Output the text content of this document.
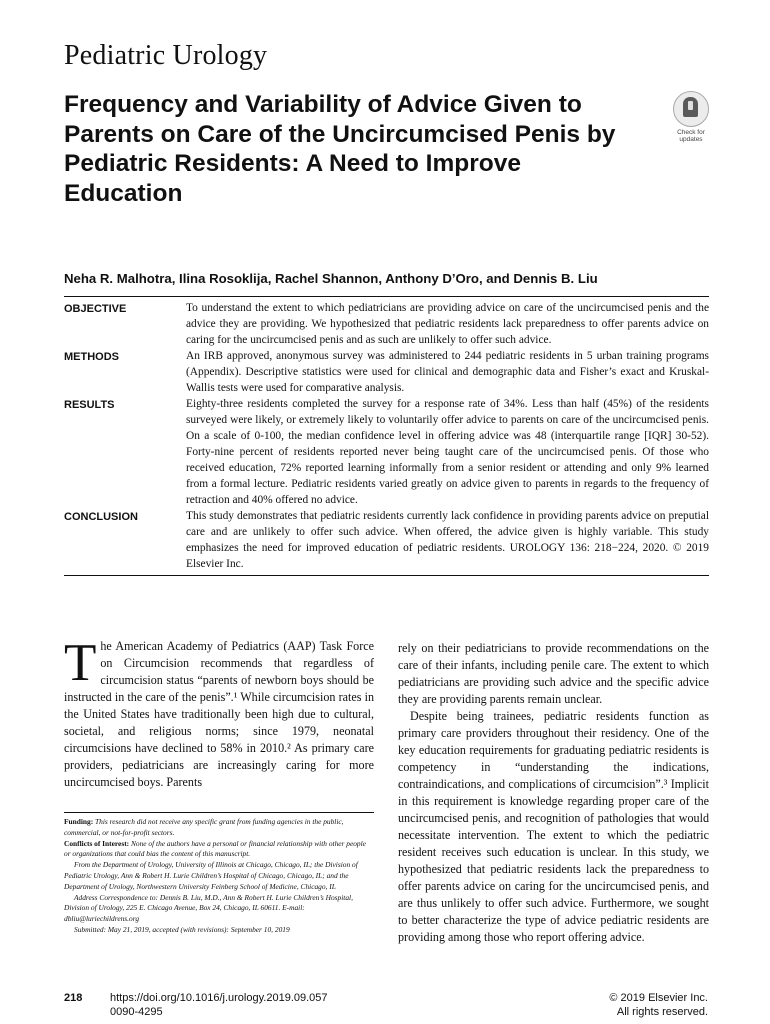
Pediatric Urology
Frequency and Variability of Advice Given to Parents on Care of the Uncircumcised Penis by Pediatric Residents: A Need to Improve Education
Check for
updates
Neha R. Malhotra, Ilina Rosoklija, Rachel Shannon, Anthony D’Oro, and Dennis B. Liu
OBJECTIVE	To understand the extent to which pediatricians are providing advice on care of the uncircumcised penis and the advice they are providing. We hypothesized that pediatric residents lack preparedness to offer parents advice on caring for the uncircumcised penis and as such are unlikely to offer such advice.
METHODS	An IRB approved, anonymous survey was administered to 244 pediatric residents in 5 urban training programs (Appendix). Descriptive statistics were used for clinical and demographic data and Fisher’s exact and Kruskal-Wallis tests were used for comparative analysis.
RESULTS	Eighty-three residents completed the survey for a response rate of 34%. Less than half (45%) of the residents surveyed were likely, or extremely likely to voluntarily offer advice to parents on care of the uncircumcised penis. On a scale of 0-100, the median confidence level in offering advice was 48 (interquartile range [IQR] 30-52). Forty-nine percent of residents reported never being taught care of the uncircumcised penis. Of those who received education, 72% reported learning informally from a senior resident or attending and only 9% learned from a formal lecture. Pediatric residents varied greatly on advice given to parents in regards to the frequency of retraction and 40% offered no advice.
CONCLUSION	This study demonstrates that pediatric residents currently lack confidence in providing parents advice on preputial care and are unlikely to offer such advice. When offered, the advice given is highly variable. This study emphasizes the need for improved education of pediatric residents. UROLOGY 136: 218−224, 2020. © 2019 Elsevier Inc.

The American Academy of Pediatrics (AAP) Task Force on Circumcision recommends that regardless of circumcision status “parents of newborn boys should be instructed in the care of the penis”.¹ While circumcision rates in the United States have traditionally been high due to cultural, societal, and religious norms; since 1979, neonatal circumcisions have declined to 58% in 2010.² As primary care providers, pediatricians are increasingly caring for more uncircumcised boys. Parents

Funding: This research did not receive any specific grant from funding agencies in the public, commercial, or not-for-profit sectors.

Conflicts of Interest: None of the authors have a personal or financial relationship with other people or organizations that could bias the content of this manuscript.

From the Department of Urology, University of Illinois at Chicago, Chicago, IL; the Division of Pediatric Urology, Ann & Robert H. Lurie Children’s Hospital of Chicago, Chicago, IL; and the Department of Urology, Northwestern University Feinberg School of Medicine, Chicago, IL

Address Correspondence to: Dennis B. Liu, M.D., Ann & Robert H. Lurie Children’s Hospital, Division of Urology, 225 E. Chicago Avenue, Box 24, Chicago, IL 60611. E-mail: dbliu@luriechildrens.org

Submitted: May 21, 2019, accepted (with revisions): September 10, 2019

rely on their pediatricians to provide recommendations on the care of their infants, including penile care. The extent to which pediatricians are providing such advice and the specific advice they are providing parents remain unclear.

Despite being trainees, pediatric residents function as primary care providers throughout their residency. One of the key education requirements for graduating pediatric residents is competency in “understanding the indications, contraindications, and complications of circumcision”.³ Implicit in this requirement is knowledge regarding proper care of the uncircumcised penis, and recognition of pathologies that would necessitate intervention. The extent to which the pediatric resident receives such education is unclear. In this study, we hypothesized that pediatric residents lack the preparedness to offer parents advice on caring for the uncircumcised penis, and are thus unlikely to offer such advice. Furthermore, we sought to better characterize the type of advice pediatric residents are providing among those who report offering advice.

218	https://doi.org/10.1016/j.urology.2019.09.057
0090-4295
© 2019 Elsevier Inc.
All rights reserved.
